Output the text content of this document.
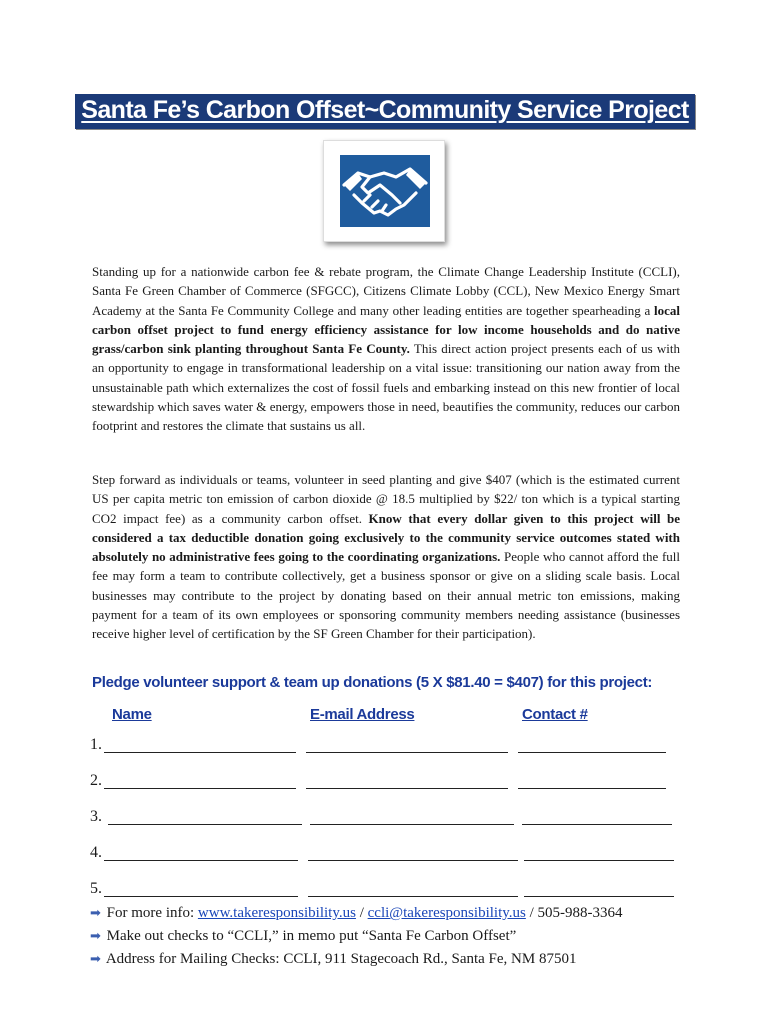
Santa Fe’s Carbon Offset~Community Service Project

Standing up for a nationwide carbon fee & rebate program, the Climate Change Leadership Institute (CCLI), Santa Fe Green Chamber of Commerce (SFGCC), Citizens Climate Lobby (CCL), New Mexico Energy Smart Academy at the Santa Fe Community College and many other leading entities are together spearheading a local carbon offset project to fund energy efficiency assistance for low income households and do native grass/carbon sink planting throughout Santa Fe County. This direct action project presents each of us with an opportunity to engage in transformational leadership on a vital issue: transitioning our nation away from the unsustainable path which externalizes the cost of fossil fuels and embarking instead on this new frontier of local stewardship which saves water & energy, empowers those in need, beautifies the community, reduces our carbon footprint and restores the climate that sustains us all.

Step forward as individuals or teams, volunteer in seed planting and give $407 (which is the estimated current US per capita metric ton emission of carbon dioxide @ 18.5 multiplied by $22/ ton which is a typical starting CO2 impact fee) as a community carbon offset. Know that every dollar given to this project will be considered a tax deductible donation going exclusively to the community service outcomes stated with absolutely no administrative fees going to the coordinating organizations. People who cannot afford the full fee may form a team to contribute collectively, get a business sponsor or give on a sliding scale basis. Local businesses may contribute to the project by donating based on their annual metric ton emissions, making payment for a team of its own employees or sponsoring community members needing assistance (businesses receive higher level of certification by the SF Green Chamber for their participation).

Pledge volunteer support & team up donations (5 X $81.40 = $407) for this project:
Name	E-mail Address	Contact #
1.
2.
3.
4.
5.
➡ For more info: www.takeresponsibility.us / ccli@takeresponsibility.us / 505-988-3364
➡ Make out checks to “CCLI,” in memo put “Santa Fe Carbon Offset”
➡ Address for Mailing Checks: CCLI, 911 Stagecoach Rd., Santa Fe, NM 87501
